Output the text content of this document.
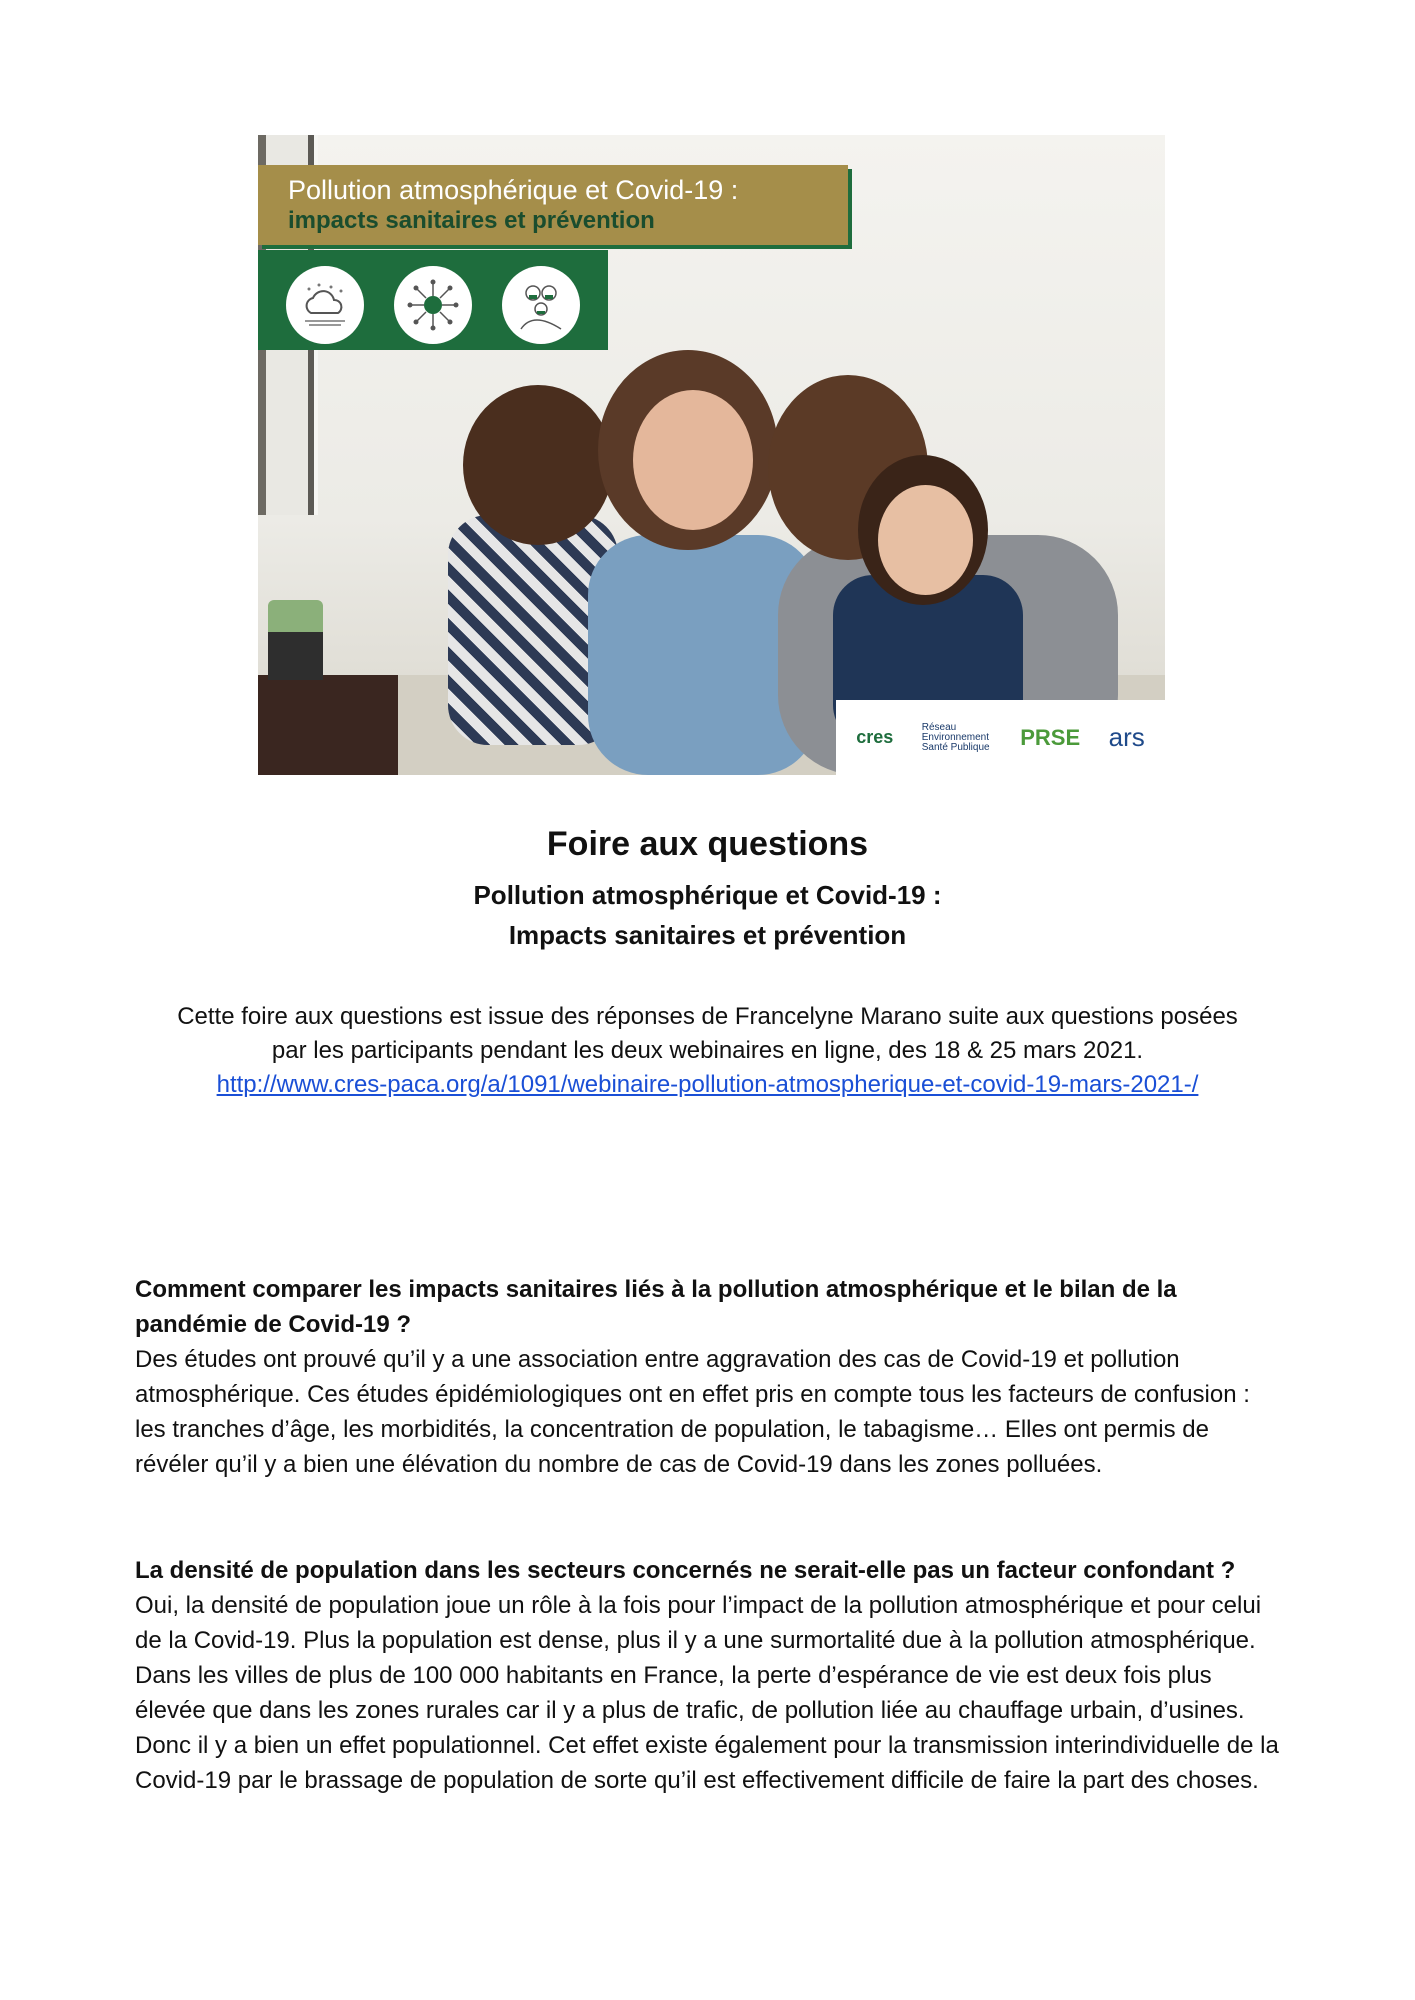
Pollution atmosphérique et Covid-19 :
impacts sanitaires et prévention
cres	Réseau Environnement Santé Publique PRSE ars
Foire aux questions
Pollution atmosphérique et Covid-19 :
Impacts sanitaires et prévention
Cette foire aux questions est issue des réponses de Francelyne Marano suite aux questions posées
par les participants pendant les deux webinaires en ligne, des 18 & 25 mars 2021.
http://www.cres-paca.org/a/1091/webinaire-pollution-atmospherique-et-covid-19-mars-2021-/
Comment comparer les impacts sanitaires liés à la pollution atmosphérique et le bilan de la pandémie de Covid-19 ?
Des études ont prouvé qu’il y a une association entre aggravation des cas de Covid-19 et pollution atmosphérique. Ces études épidémiologiques ont en effet pris en compte tous les facteurs de confusion : les tranches d’âge, les morbidités, la concentration de population, le tabagisme… Elles ont permis de révéler qu’il y a bien une élévation du nombre de cas de Covid-19 dans les zones polluées.
La densité de population dans les secteurs concernés ne serait-elle pas un facteur confondant ?
Oui, la densité de population joue un rôle à la fois pour l’impact de la pollution atmosphérique et pour celui de la Covid-19. Plus la population est dense, plus il y a une surmortalité due à la pollution atmosphérique. Dans les villes de plus de 100 000 habitants en France, la perte d’espérance de vie est deux fois plus élevée que dans les zones rurales car il y a plus de trafic, de pollution liée au chauffage urbain, d’usines. Donc il y a bien un effet populationnel. Cet effet existe également pour la transmission interindividuelle de la Covid-19 par le brassage de population de sorte qu’il est effectivement difficile de faire la part des choses.
